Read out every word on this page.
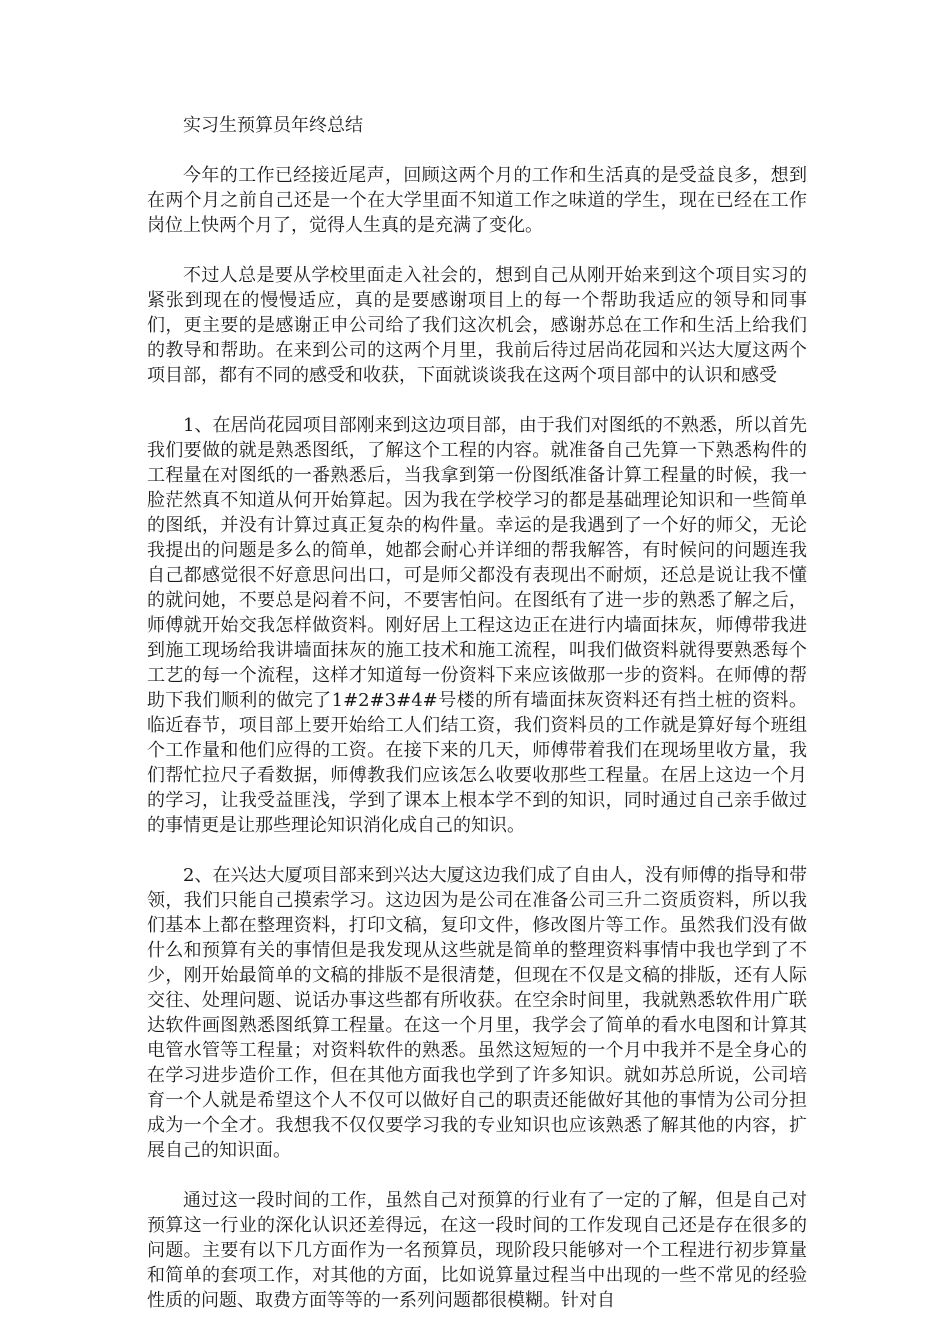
实习生预算员年终总结

今年的工作已经接近尾声，回顾这两个月的工作和生活真的是受益良多，想到在两个月之前自己还是一个在大学里面不知道工作之味道的学生，现在已经在工作岗位上快两个月了，觉得人生真的是充满了变化。

不过人总是要从学校里面走入社会的，想到自己从刚开始来到这个项目实习的紧张到现在的慢慢适应，真的是要感谢项目上的每一个帮助我适应的领导和同事们，更主要的是感谢正申公司给了我们这次机会，感谢苏总在工作和生活上给我们的教导和帮助。在来到公司的这两个月里，我前后待过居尚花园和兴达大厦这两个项目部，都有不同的感受和收获，下面就谈谈我在这两个项目部中的认识和感受

1、在居尚花园项目部刚来到这边项目部，由于我们对图纸的不熟悉，所以首先我们要做的就是熟悉图纸，了解这个工程的内容。就准备自己先算一下熟悉构件的工程量在对图纸的一番熟悉后，当我拿到第一份图纸准备计算工程量的时候，我一脸茫然真不知道从何开始算起。因为我在学校学习的都是基础理论知识和一些简单的图纸，并没有计算过真正复杂的构件量。幸运的是我遇到了一个好的师父，无论我提出的问题是多么的简单，她都会耐心并详细的帮我解答，有时候问的问题连我自己都感觉很不好意思问出口，可是师父都没有表现出不耐烦，还总是说让我不懂的就问她，不要总是闷着不问，不要害怕问。在图纸有了进一步的熟悉了解之后，师傅就开始交我怎样做资料。刚好居上工程这边正在进行内墙面抹灰，师傅带我进到施工现场给我讲墙面抹灰的施工技术和施工流程，叫我们做资料就得要熟悉每个工艺的每一个流程，这样才知道每一份资料下来应该做那一步的资料。在师傅的帮助下我们顺利的做完了1#2#3#4#号楼的所有墙面抹灰资料还有挡土桩的资料。临近春节，项目部上要开始给工人们结工资，我们资料员的工作就是算好每个班组个工作量和他们应得的工资。在接下来的几天，师傅带着我们在现场里收方量，我们帮忙拉尺子看数据，师傅教我们应该怎么收要收那些工程量。在居上这边一个月的学习，让我受益匪浅，学到了课本上根本学不到的知识，同时通过自己亲手做过的事情更是让那些理论知识消化成自己的知识。

2、在兴达大厦项目部来到兴达大厦这边我们成了自由人，没有师傅的指导和带领，我们只能自己摸索学习。这边因为是公司在准备公司三升二资质资料，所以我们基本上都在整理资料，打印文稿，复印文件，修改图片等工作。虽然我们没有做什么和预算有关的事情但是我发现从这些就是简单的整理资料事情中我也学到了不少，刚开始最简单的文稿的排版不是很清楚，但现在不仅是文稿的排版，还有人际交往、处理问题、说话办事这些都有所收获。在空余时间里，我就熟悉软件用广联达软件画图熟悉图纸算工程量。在这一个月里，我学会了简单的看水电图和计算其电管水管等工程量；对资料软件的熟悉。虽然这短短的一个月中我并不是全身心的在学习进步造价工作，但在其他方面我也学到了许多知识。就如苏总所说，公司培育一个人就是希望这个人不仅可以做好自己的职责还能做好其他的事情为公司分担成为一个全才。我想我不仅仅要学习我的专业知识也应该熟悉了解其他的内容，扩展自己的知识面。

通过这一段时间的工作，虽然自己对预算的行业有了一定的了解，但是自己对预算这一行业的深化认识还差得远，在这一段时间的工作发现自己还是存在很多的问题。主要有以下几方面作为一名预算员，现阶段只能够对一个工程进行初步算量和简单的套项工作，对其他的方面，比如说算量过程当中出现的一些不常见的经验性质的问题、取费方面等等的一系列问题都很模糊。针对自
